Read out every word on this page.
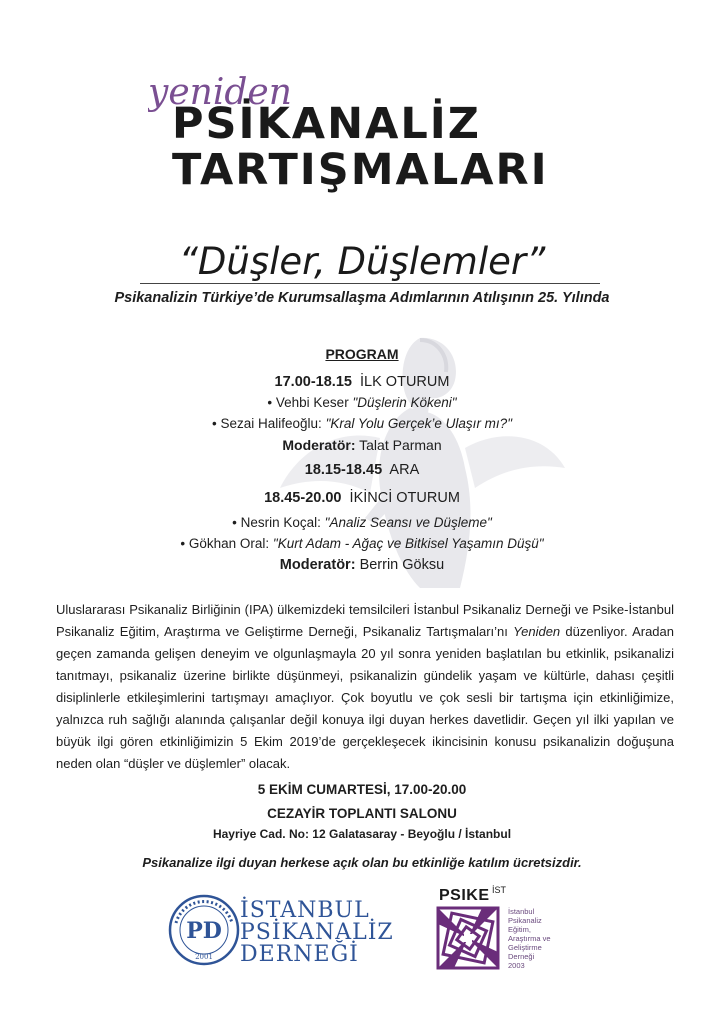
yeniden
PSİKANALİZ
TARTIŞMALARI
“Düşler, Düşlemler”
Psikanalizin Türkiye’de Kurumsallaşma Adımlarının Atılışının 25. Yılında
PROGRAM
17.00-18.15 İLK OTURUM
• Vehbi Keser "Düşlerin Kökeni"
• Sezai Halifeoğlu: "Kral Yolu Gerçek’e Ulaşır mı?"
Moderatör: Talat Parman
18.15-18.45 ARA
18.45-20.00 İKİNCİ OTURUM
• Nesrin Koçal: "Analiz Seansı ve Düşleme"
• Gökhan Oral: "Kurt Adam - Ağaç ve Bitkisel Yaşamın Düşü"
Moderatör: Berrin Göksu
Uluslararası Psikanaliz Birliğinin (IPA) ülkemizdeki temsilcileri İstanbul Psikanaliz Derneği ve Psike-İstanbul Psikanaliz Eğitim, Araştırma ve Geliştirme Derneği, Psikanaliz Tartışmaları’nı Yeniden düzenliyor. Aradan geçen zamanda gelişen deneyim ve olgunlaşmayla 20 yıl sonra yeniden başlatılan bu etkinlik, psikanalizi tanıtmayı, psikanaliz üzerine birlikte düşünmeyi, psikanalizin gündelik yaşam ve kültürle, dahası çeşitli disiplinlerle etkileşimlerini tartışmayı amaçlıyor. Çok boyutlu ve çok sesli bir tartışma için etkinliğimize, yalnızca ruh sağlığı alanında çalışanlar değil konuya ilgi duyan herkes davetlidir. Geçen yıl ilki yapılan ve büyük ilgi gören etkinliğimizin 5 Ekim 2019’de gerçekleşecek ikincisinin konusu psikanalizin doğuşuna neden olan “düşler ve düşlemler” olacak.
5 EKİM CUMARTESİ, 17.00-20.00
CEZAYİR TOPLANTI SALONU
Hayriye Cad. No: 12 Galatasaray - Beyoğlu / İstanbul
Psikanalize ilgi duyan herkese açık olan bu etkinliğe katılım ücretsizdir.
PD
2001
İSTANBUL
PSİKANALİZ
DERNEĞİ
PSIKE İST
İstanbul
Psikanaliz
Eğitim,
Araştırma ve
Geliştirme
Derneği
2003
